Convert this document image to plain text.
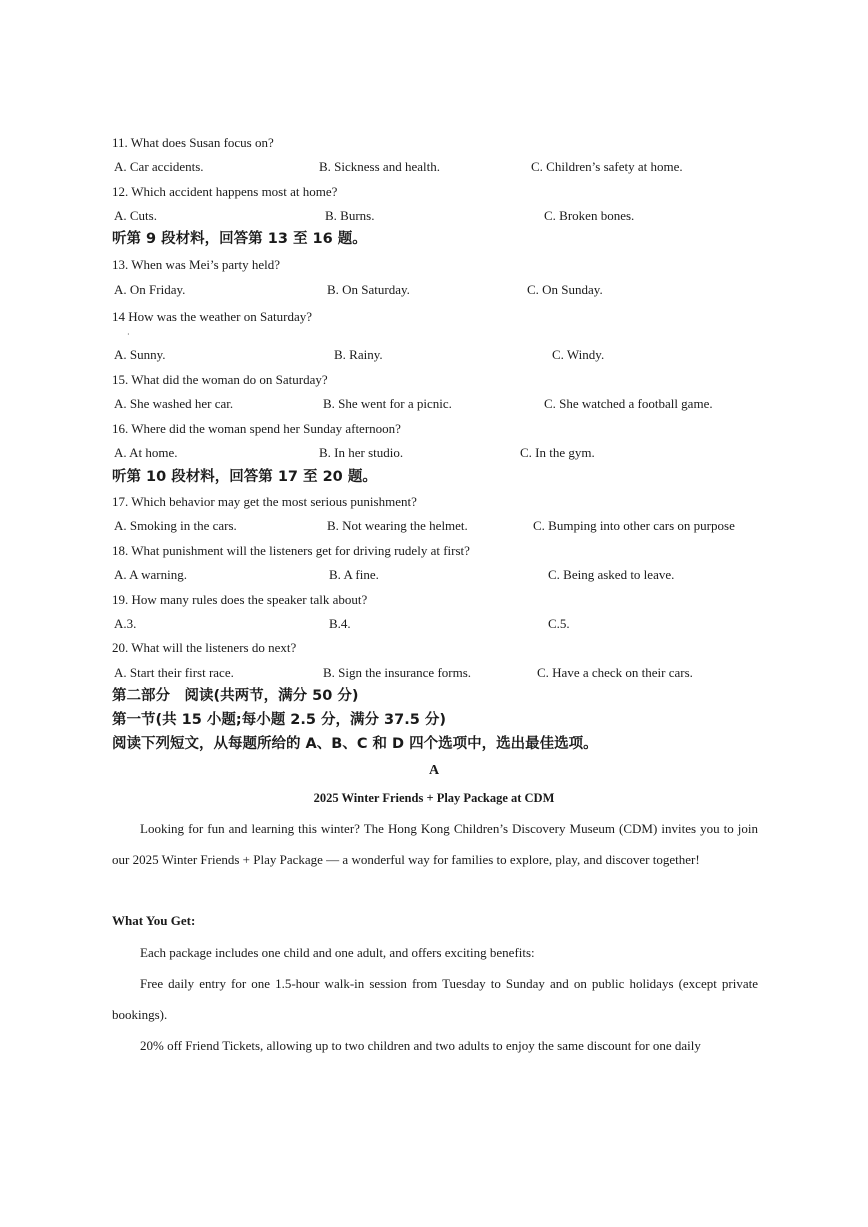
11. What does Susan focus on?
A. Car accidents.	B. Sickness and health.	C. Children’s safety at home.
12. Which accident happens most at home?
A. Cuts.	B. Burns.	C. Broken bones.
听第 9 段材料，回答第 13 至 16 题。
13. When was Mei’s party held?
A. On Friday.	B. On Saturday.	C. On Sunday.
14 How was the weather on Saturday?
·
A. Sunny.	B. Rainy.	C. Windy.
15. What did the woman do on Saturday?
A. She washed her car.	B. She went for a picnic.	C. She watched a football game.
16. Where did the woman spend her Sunday afternoon?
A. At home.	B. In her studio.	C. In the gym.
听第 10 段材料，回答第 17 至 20 题。
17. Which behavior may get the most serious punishment?
A. Smoking in the cars.	B. Not wearing the helmet.	C. Bumping into other cars on purpose
18. What punishment will the listeners get for driving rudely at first?
A. A warning.	B. A fine.	C. Being asked to leave.
19. How many rules does the speaker talk about?
A.3.	B.4.	C.5.
20. What will the listeners do next?
A. Start their first race.	B. Sign the insurance forms.	C. Have a check on their cars.
第二部分　阅读(共两节，满分 50 分)
第一节(共 15 小题;每小题 2.5 分，满分 37.5 分)
阅读下列短文，从每题所给的 A、B、C 和 D 四个选项中，选出最佳选项。
A
2025 Winter Friends + Play Package at CDM
Looking for fun and learning this winter? The Hong Kong Children’s Discovery Museum (CDM) invites you to join our 2025 Winter Friends + Play Package — a wonderful way for families to explore, play, and discover together!
What You Get:
Each package includes one child and one adult, and offers exciting benefits:
Free daily entry for one 1.5-hour walk-in session from Tuesday to Sunday and on public holidays (except private bookings).
20% off Friend Tickets, allowing up to two children and two adults to enjoy the same discount for one daily
